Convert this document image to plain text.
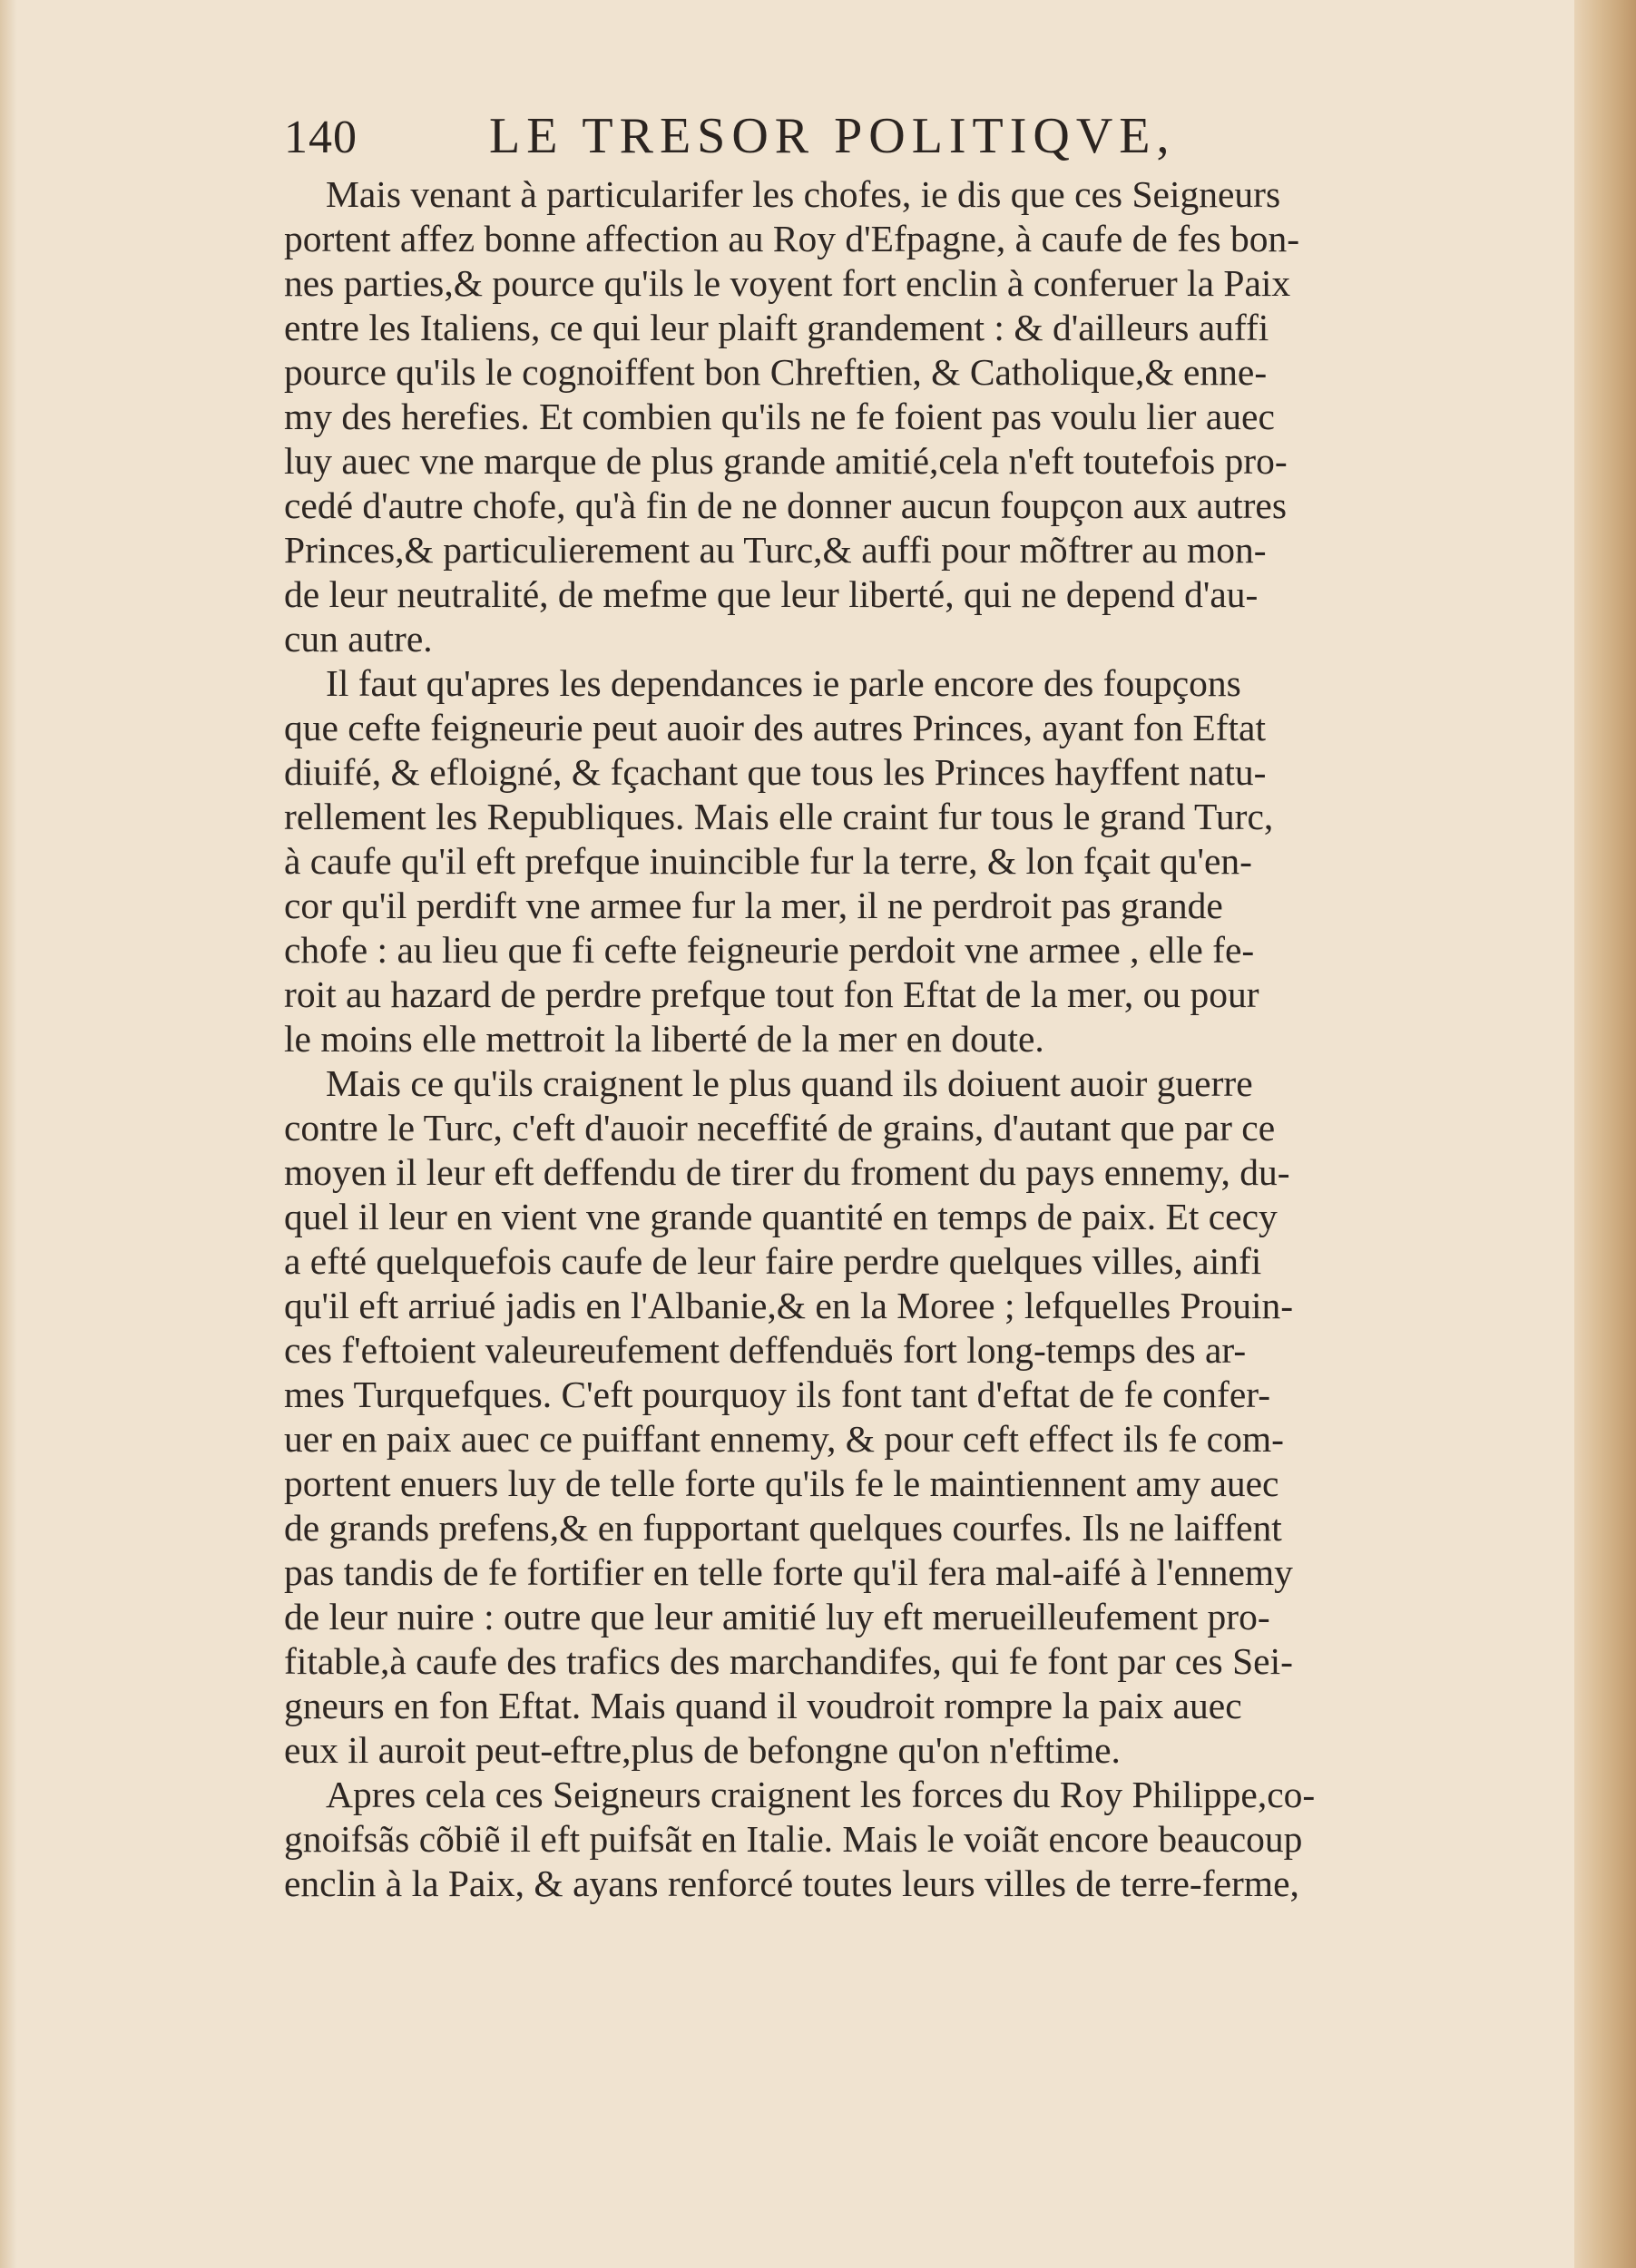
140	LE TRESOR POLITIQVE,
Mais venant à particularifer les chofes, ie dis que ces Seigneurs
portent affez bonne affection au Roy d'Efpagne, à caufe de fes bon-
nes parties,& pource qu'ils le voyent fort enclin à conferuer la Paix
entre les Italiens, ce qui leur plaift grandement : & d'ailleurs auffi
pource qu'ils le cognoiffent bon Chreftien, & Catholique,& enne-
my des herefies. Et combien qu'ils ne fe foient pas voulu lier auec
luy auec vne marque de plus grande amitié,cela n'eft toutefois pro-
cedé d'autre chofe, qu'à fin de ne donner aucun foupçon aux autres
Princes,& particulierement au Turc,& auffi pour mõftrer au mon-
de leur neutralité, de mefme que leur liberté, qui ne depend d'au-
cun autre.
Il faut qu'apres les dependances ie parle encore des foupçons
que cefte feigneurie peut auoir des autres Princes, ayant fon Eftat
diuifé, & efloigné, & fçachant que tous les Princes hayffent natu-
rellement les Republiques. Mais elle craint fur tous le grand Turc,
à caufe qu'il eft prefque inuincible fur la terre, & lon fçait qu'en-
cor qu'il perdift vne armee fur la mer, il ne perdroit pas grande
chofe : au lieu que fi cefte feigneurie perdoit vne armee , elle fe-
roit au hazard de perdre prefque tout fon Eftat de la mer, ou pour
le moins elle mettroit la liberté de la mer en doute.
Mais ce qu'ils craignent le plus quand ils doiuent auoir guerre
contre le Turc, c'eft d'auoir neceffité de grains, d'autant que par ce
moyen il leur eft deffendu de tirer du froment du pays ennemy, du-
quel il leur en vient vne grande quantité en temps de paix. Et cecy
a efté quelquefois caufe de leur faire perdre quelques villes, ainfi
qu'il eft arriué jadis en l'Albanie,& en la Moree ; lefquelles Prouin-
ces f'eftoient valeureufement deffenduës fort long-temps des ar-
mes Turquefques. C'eft pourquoy ils font tant d'eftat de fe confer-
uer en paix auec ce puiffant ennemy, & pour ceft effect ils fe com-
portent enuers luy de telle forte qu'ils fe le maintiennent amy auec
de grands prefens,& en fupportant quelques courfes. Ils ne laiffent
pas tandis de fe fortifier en telle forte qu'il fera mal-aifé à l'ennemy
de leur nuire : outre que leur amitié luy eft merueilleufement pro-
fitable,à caufe des trafics des marchandifes, qui fe font par ces Sei-
gneurs en fon Eftat. Mais quand il voudroit rompre la paix auec
eux il auroit peut-eftre,plus de befongne qu'on n'eftime.
Apres cela ces Seigneurs craignent les forces du Roy Philippe,co-
gnoifsãs cõbiẽ il eft puifsãt en Italie. Mais le voiãt encore beaucoup
enclin à la Paix, & ayans renforcé toutes leurs villes de terre-ferme,
